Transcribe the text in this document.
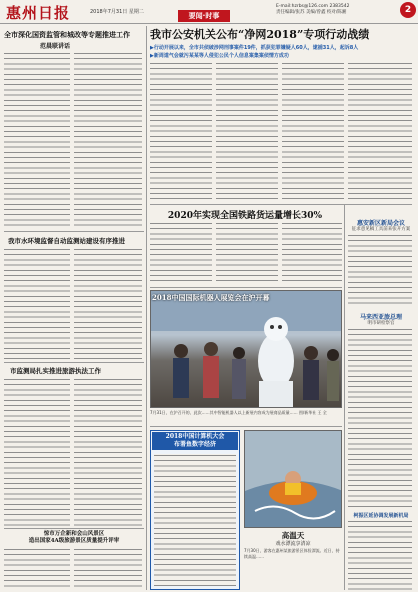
惠州日报	2018年7月31日 星期二	要闻·时事
E-mail:hzrbs@126.com 2383542
责任编辑/张苏 美编/曾鑫 校对/陈湘	2
全市深化国资监管和城改等专题推进工作
范晨联讲话
我市水环境监督自动监测站建设有序推进
市监测局扎实推进旅游执法工作
惊市万企新和会山风景区
造出国家4A级旅游景区质量提升评审
我市公安机关公布“净网2018”专项行动战绩
▶行动开展以来，全市共侦破涉网刑事案件19件，抓获犯罪嫌疑人60人，逮捕31人，起诉8人
▶新周道气会就污某某等人侵犯公民个人信息案集案侦情方成功
惠安新区新局会议
征求意见稿工具前来张开方案
马来西亚旅总理
明市研检察官
柯振区延协调发展新机局
2020年实现全国铁路货运量增长30%
2018中国国际机器人展览会在沪开幕
7月31日，在沪召开的、此次……其中智能机器人以上新展内容成为展商品质量…… 图/新华社 王 全
2018中国计算机大会
布署鱼数字经济
高温天
戏水漂流享清凉
7月30日，游客在惠州某旅游景区体验漂流。近日，持续高温……
